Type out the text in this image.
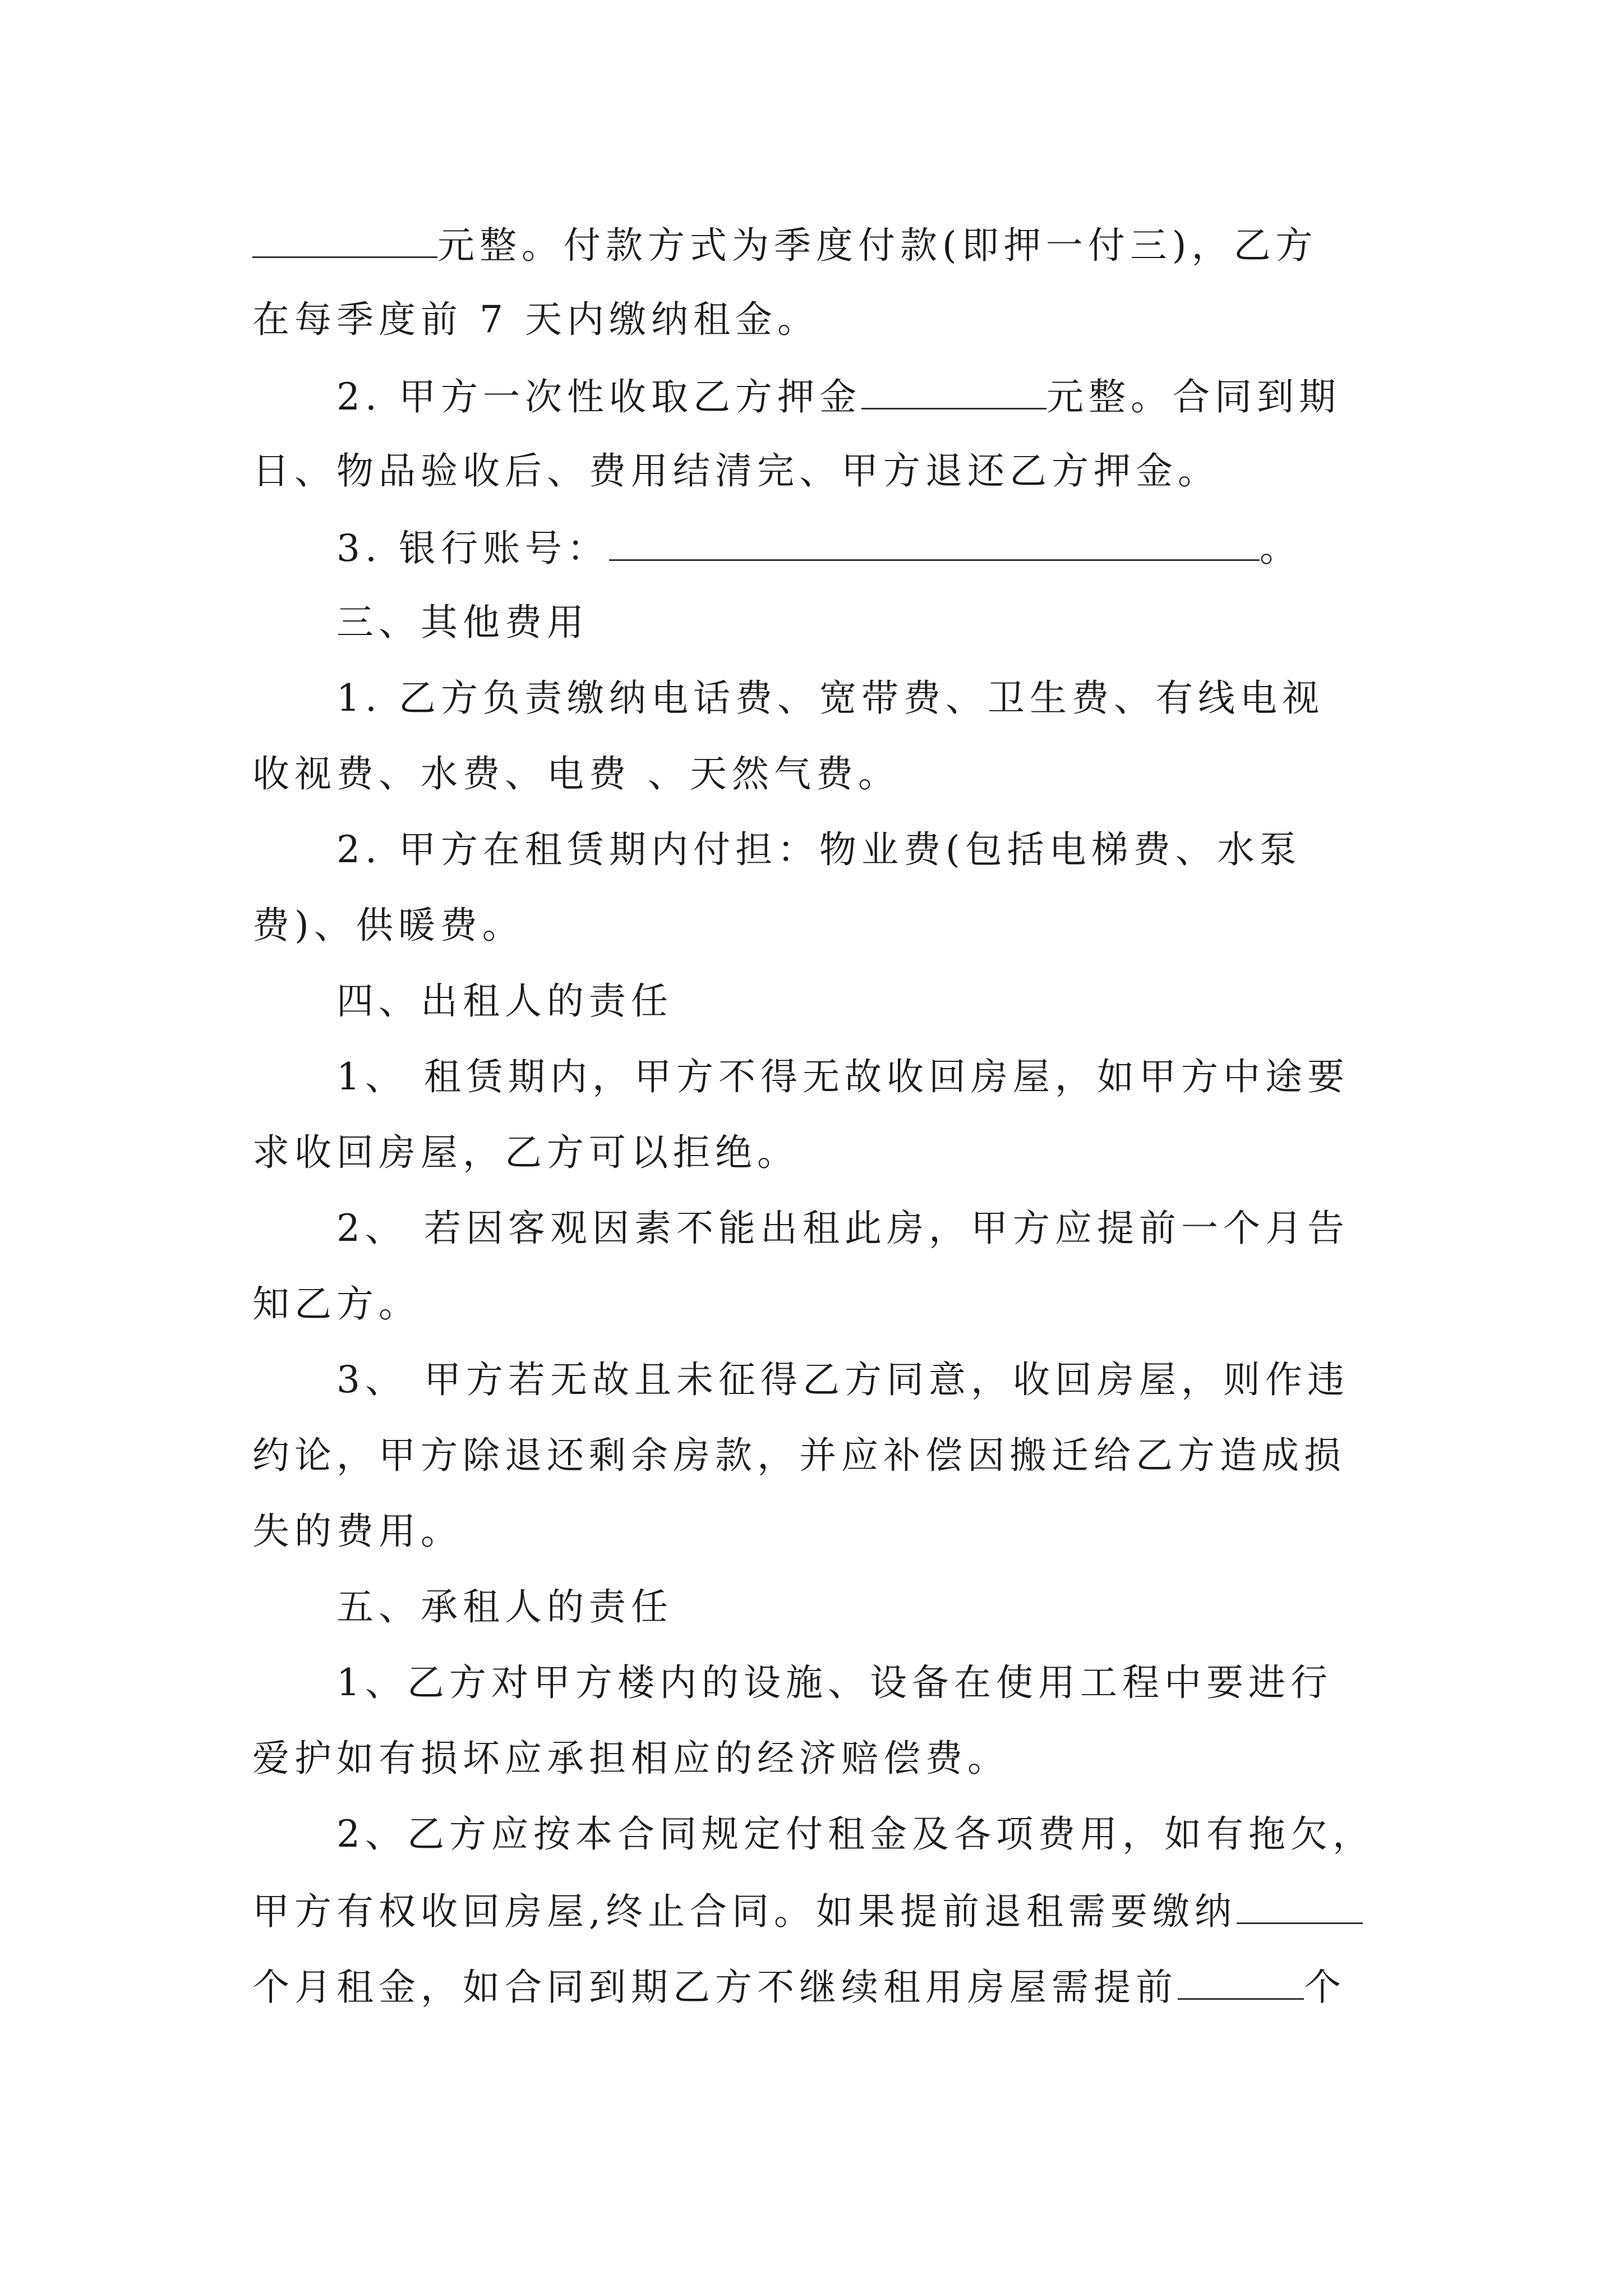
元整。付款方式为季度付款(即押一付三)，乙方
在每季度前 7 天内缴纳租金。
2. 甲方一次性收取乙方押金	元整。合同到期
日、物品验收后、费用结清完、甲方退还乙方押金。
3. 银行账号：	。
三、其他费用
1. 乙方负责缴纳电话费、宽带费、卫生费、有线电视
收视费、水费、电费 、天然气费。
2. 甲方在租赁期内付担：物业费(包括电梯费、水泵
费)、供暖费。
四、出租人的责任
1、 租赁期内，甲方不得无故收回房屋，如甲方中途要
求收回房屋，乙方可以拒绝。
2、 若因客观因素不能出租此房，甲方应提前一个月告
知乙方。
3、 甲方若无故且未征得乙方同意，收回房屋，则作违
约论，甲方除退还剩余房款，并应补偿因搬迁给乙方造成损
失的费用。
五、承租人的责任
1、乙方对甲方楼内的设施、设备在使用工程中要进行
爱护如有损坏应承担相应的经济赔偿费。
2、乙方应按本合同规定付租金及各项费用，如有拖欠，
甲方有权收回房屋,终止合同。如果提前退租需要缴纳
个月租金，如合同到期乙方不继续租用房屋需提前	个
